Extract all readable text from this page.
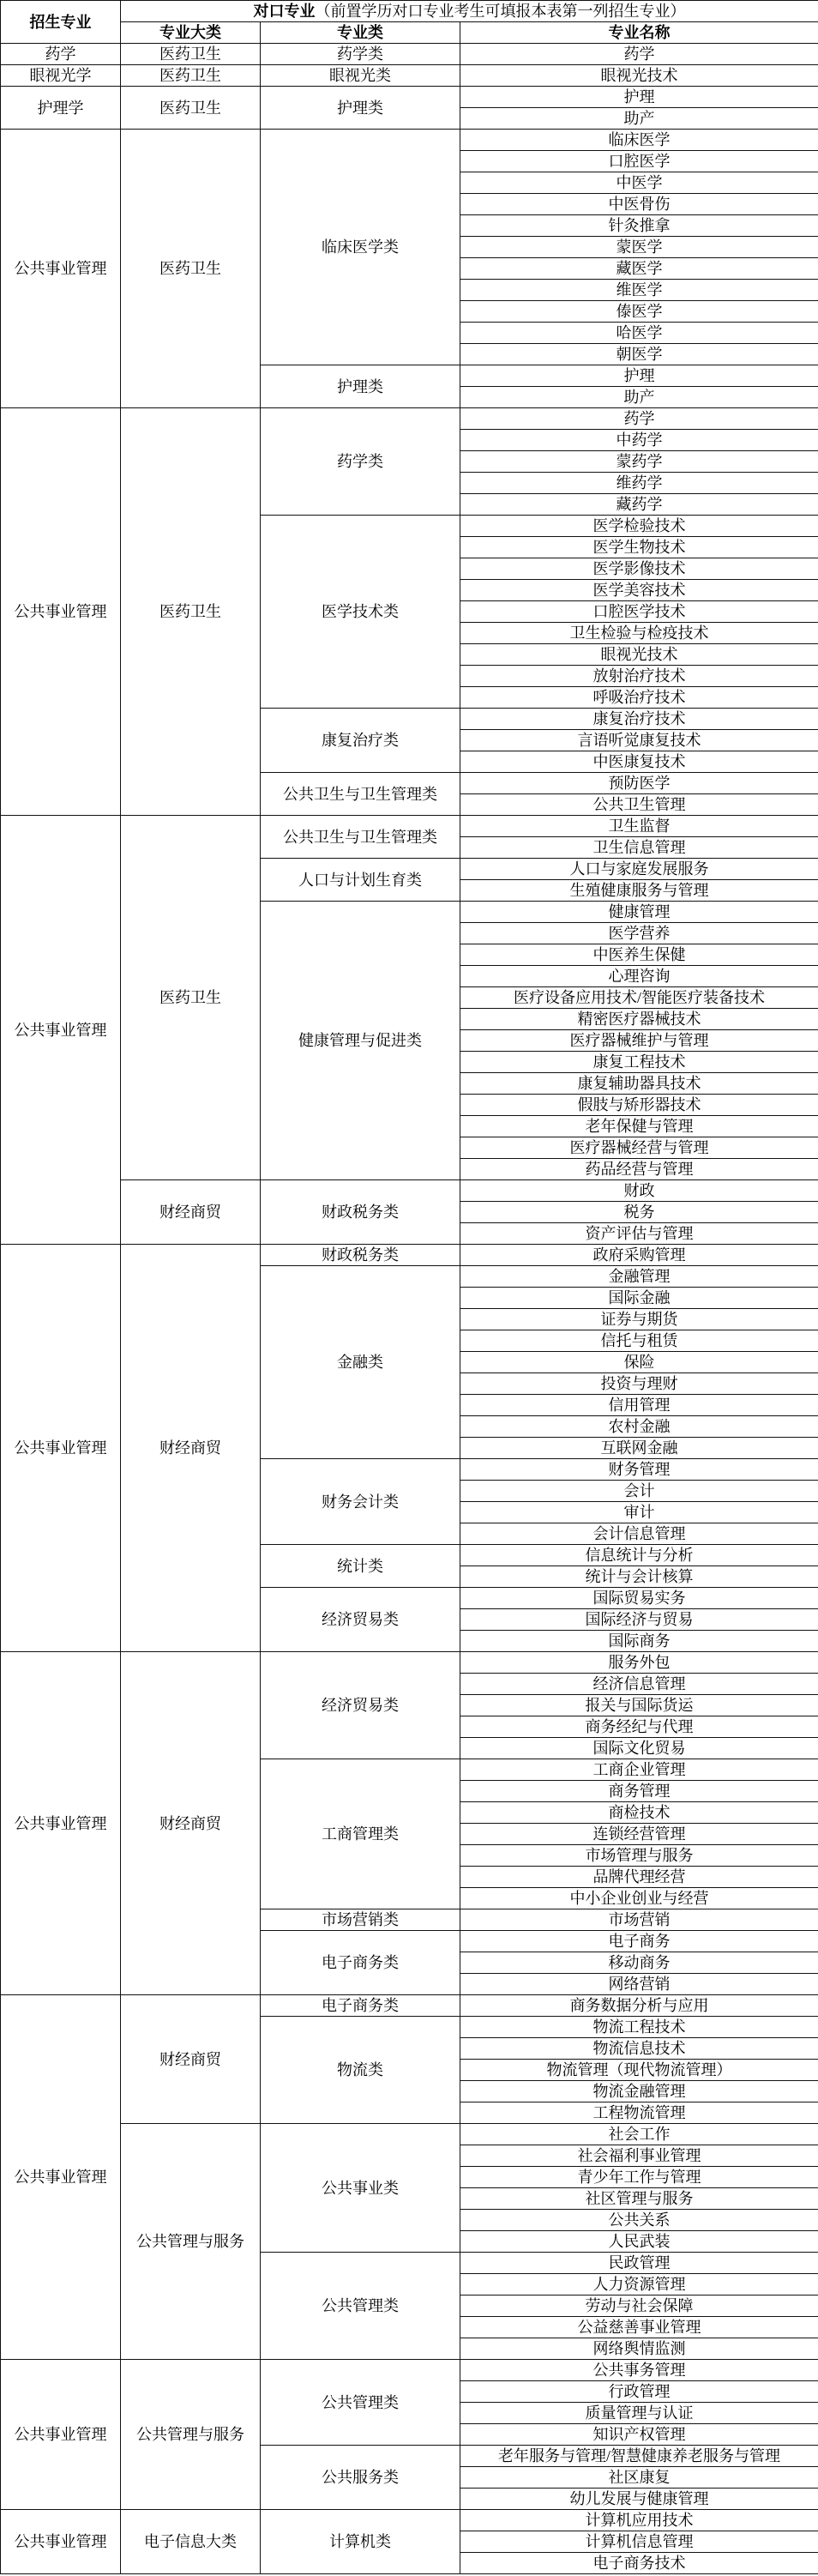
招生专业	对口专业（前置学历对口专业考生可填报本表第一列招生专业）		
	专业大类	专业类	专业名称
药学	医药卫生	药学类	药学
眼视光学	医药卫生	眼视光类	眼视光技术
护理学	医药卫生	护理类	护理
			助产
公共事业管理	医药卫生	临床医学类	临床医学
			口腔医学
			中医学
			中医骨伤
			针灸推拿
			蒙医学
			藏医学
			维医学
			傣医学
			哈医学
			朝医学
		护理类	护理
			助产
公共事业管理	医药卫生	药学类	药学
			中药学
			蒙药学
			维药学
			藏药学
		医学技术类	医学检验技术
			医学生物技术
			医学影像技术
			医学美容技术
			口腔医学技术
			卫生检验与检疫技术
			眼视光技术
			放射治疗技术
			呼吸治疗技术
		康复治疗类	康复治疗技术
			言语听觉康复技术
			中医康复技术
		公共卫生与卫生管理类	预防医学
			公共卫生管理
公共事业管理	医药卫生	公共卫生与卫生管理类	卫生监督
			卫生信息管理
		人口与计划生育类	人口与家庭发展服务
			生殖健康服务与管理
		健康管理与促进类	健康管理
			医学营养
			中医养生保健
			心理咨询
			医疗设备应用技术/智能医疗装备技术
			精密医疗器械技术
			医疗器械维护与管理
			康复工程技术
			康复辅助器具技术
			假肢与矫形器技术
			老年保健与管理
			医疗器械经营与管理
			药品经营与管理
	财经商贸	财政税务类	财政
			税务
			资产评估与管理
公共事业管理	财经商贸	财政税务类	政府采购管理
		金融类	金融管理
			国际金融
			证券与期货
			信托与租赁
			保险
			投资与理财
			信用管理
			农村金融
			互联网金融
		财务会计类	财务管理
			会计
			审计
			会计信息管理
		统计类	信息统计与分析
			统计与会计核算
		经济贸易类	国际贸易实务
			国际经济与贸易
			国际商务
公共事业管理	财经商贸	经济贸易类	服务外包
			经济信息管理
			报关与国际货运
			商务经纪与代理
			国际文化贸易
		工商管理类	工商企业管理
			商务管理
			商检技术
			连锁经营管理
			市场管理与服务
			品牌代理经营
			中小企业创业与经营
		市场营销类	市场营销
		电子商务类	电子商务
			移动商务
			网络营销
公共事业管理	财经商贸	电子商务类	商务数据分析与应用
		物流类	物流工程技术
			物流信息技术
			物流管理（现代物流管理）
			物流金融管理
			工程物流管理
	公共管理与服务	公共事业类	社会工作
			社会福利事业管理
			青少年工作与管理
			社区管理与服务
			公共关系
			人民武装
		公共管理类	民政管理
			人力资源管理
			劳动与社会保障
			公益慈善事业管理
			网络舆情监测
公共事业管理	公共管理与服务	公共管理类	公共事务管理
			行政管理
			质量管理与认证
			知识产权管理
		公共服务类	老年服务与管理/智慧健康养老服务与管理
			社区康复
			幼儿发展与健康管理
公共事业管理	电子信息大类	计算机类	计算机应用技术
			计算机信息管理
			电子商务技术
